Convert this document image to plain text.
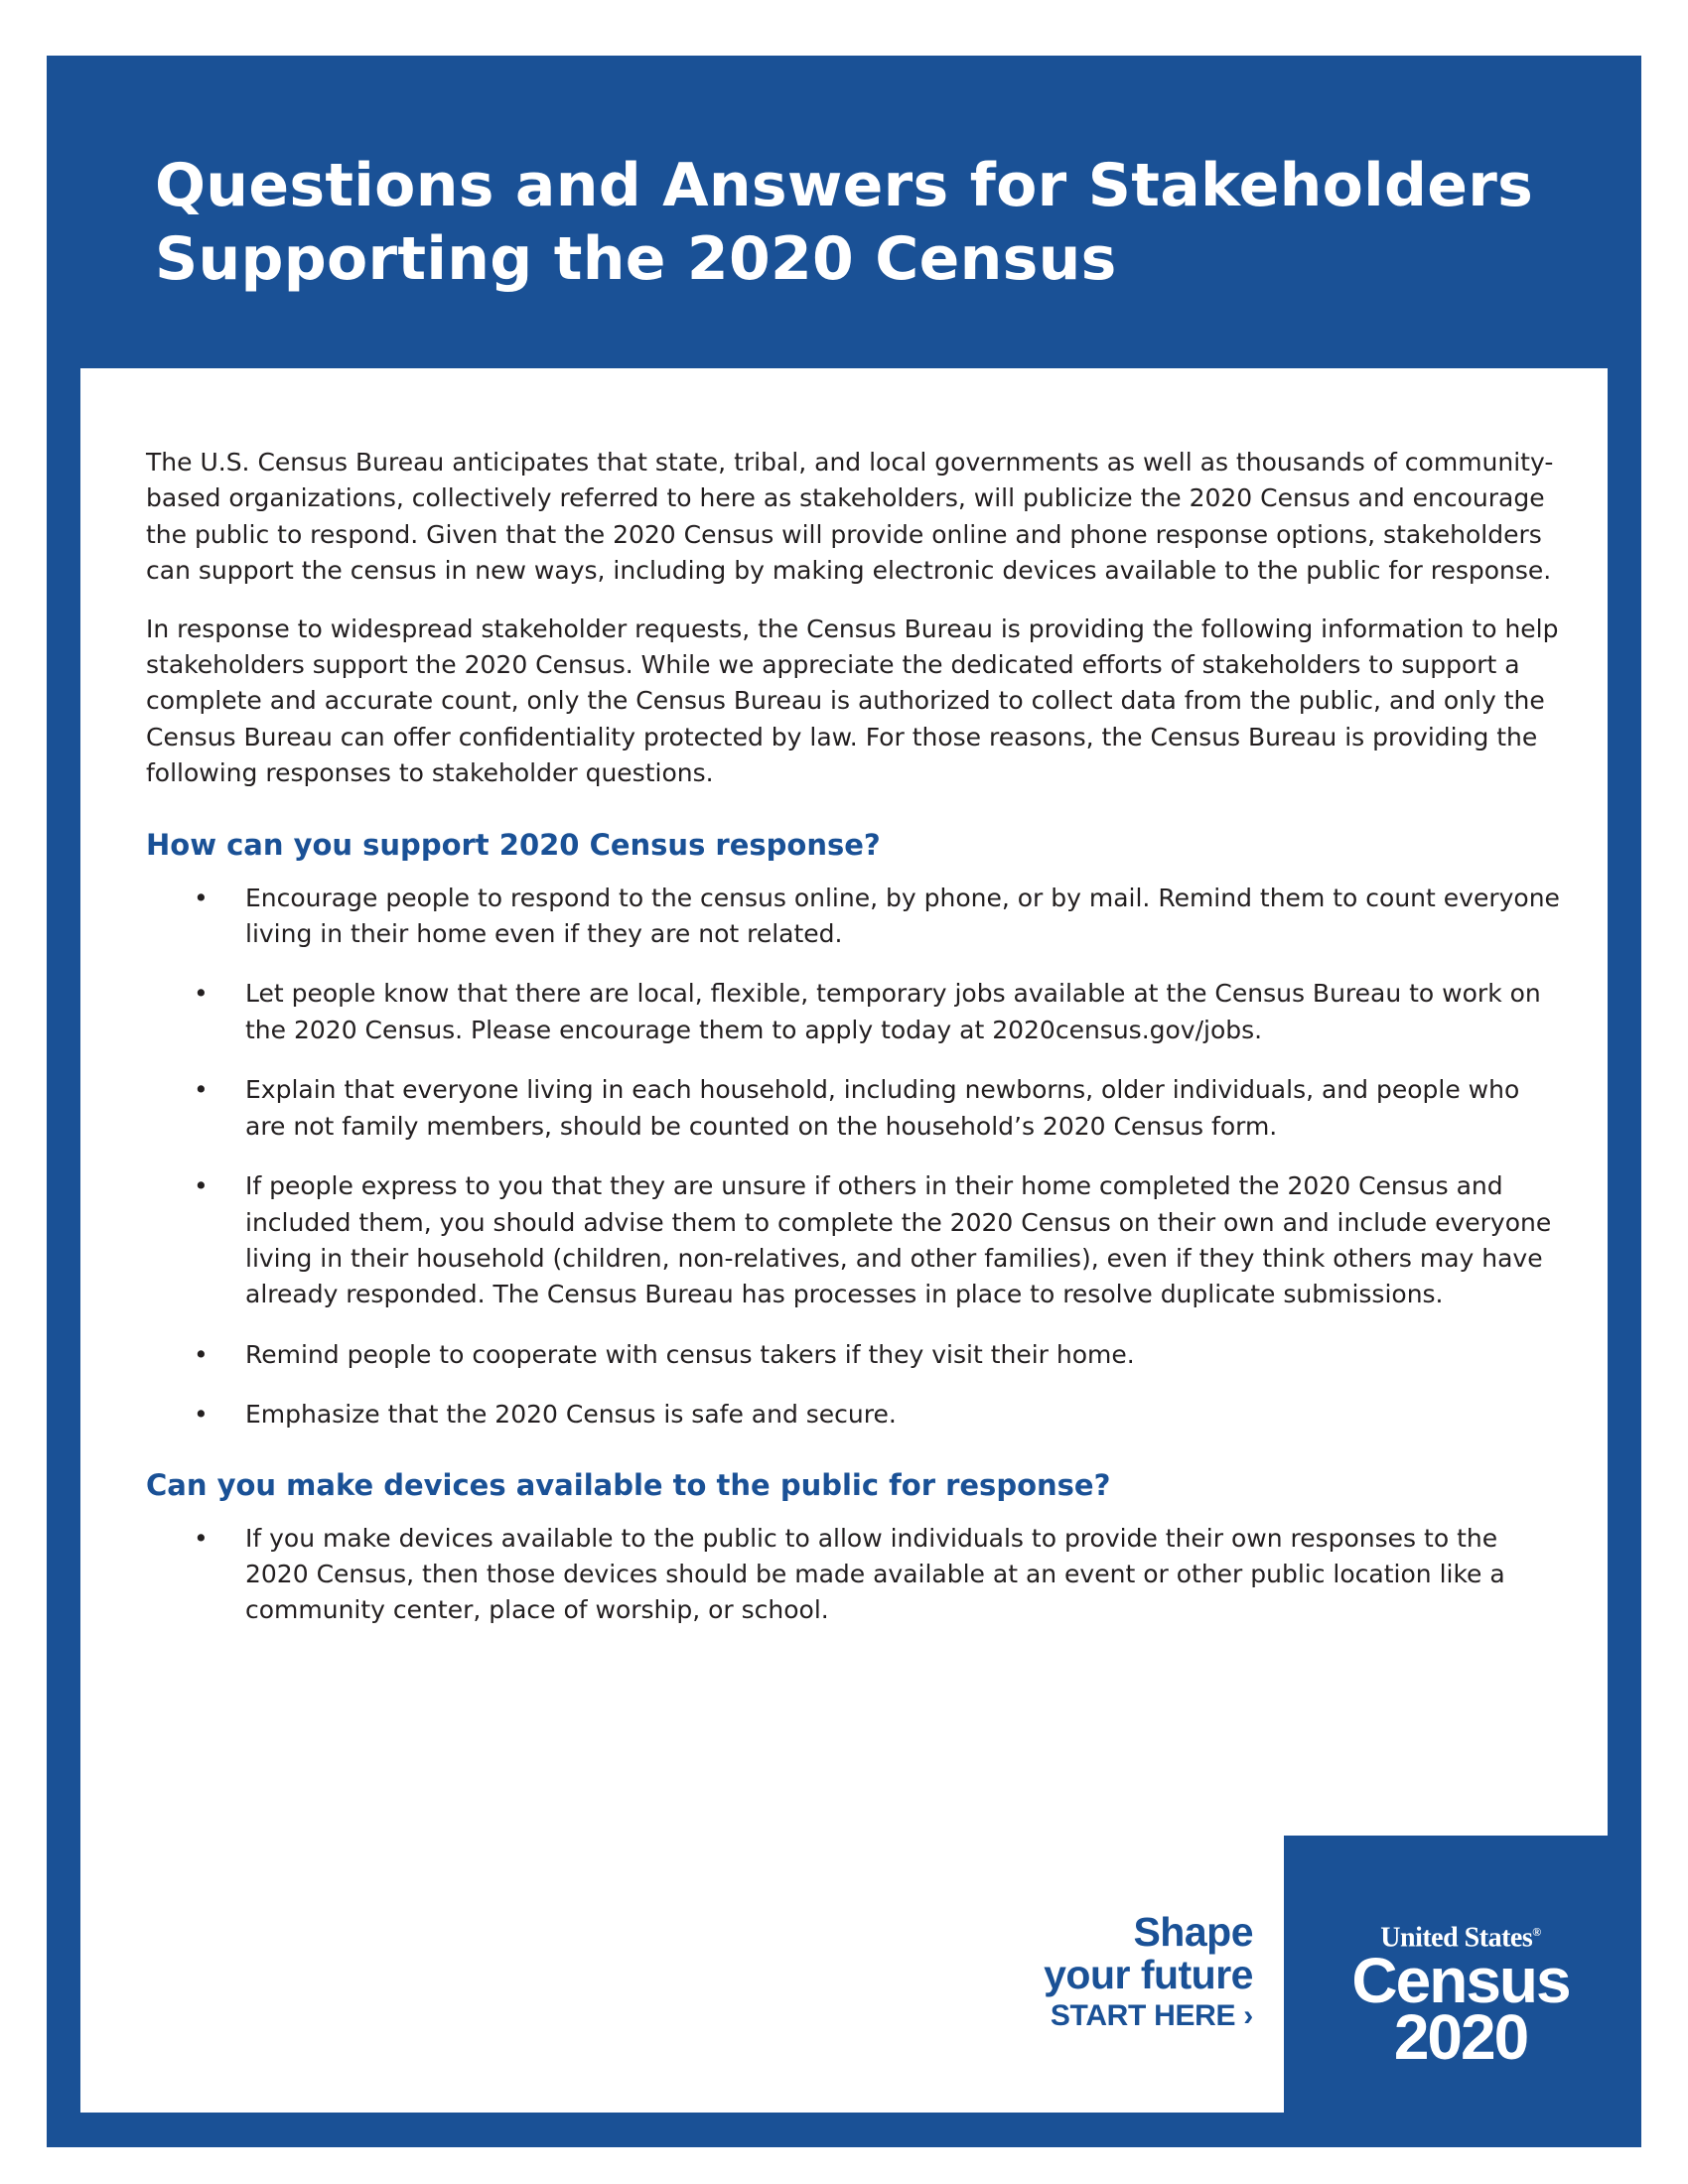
Questions and Answers for Stakeholders
Supporting the 2020 Census

The U.S. Census Bureau anticipates that state, tribal, and local governments as well as thousands of community-based organizations, collectively referred to here as stakeholders, will publicize the 2020 Census and encourage the public to respond. Given that the 2020 Census will provide online and phone response options, stakeholders can support the census in new ways, including by making electronic devices available to the public for response.

In response to widespread stakeholder requests, the Census Bureau is providing the following information to help stakeholders support the 2020 Census. While we appreciate the dedicated efforts of stakeholders to support a complete and accurate count, only the Census Bureau is authorized to collect data from the public, and only the Census Bureau can offer confidentiality protected by law. For those reasons, the Census Bureau is providing the following responses to stakeholder questions.

How can you support 2020 Census response?
• Encourage people to respond to the census online, by phone, or by mail. Remind them to count everyone living in their home even if they are not related.
• Let people know that there are local, flexible, temporary jobs available at the Census Bureau to work on the 2020 Census. Please encourage them to apply today at 2020census.gov/jobs.
• Explain that everyone living in each household, including newborns, older individuals, and people who are not family members, should be counted on the household’s 2020 Census form.
• If people express to you that they are unsure if others in their home completed the 2020 Census and included them, you should advise them to complete the 2020 Census on their own and include everyone living in their household (children, non-relatives, and other families), even if they think others may have already responded. The Census Bureau has processes in place to resolve duplicate submissions.
• Remind people to cooperate with census takers if they visit their home.
• Emphasize that the 2020 Census is safe and secure.
Can you make devices available to the public for response?
• If you make devices available to the public to allow individuals to provide their own responses to the 2020 Census, then those devices should be made available at an event or other public location like a community center, place of worship, or school.
Shape
your future
START HERE ›
United States®
Census
2020
